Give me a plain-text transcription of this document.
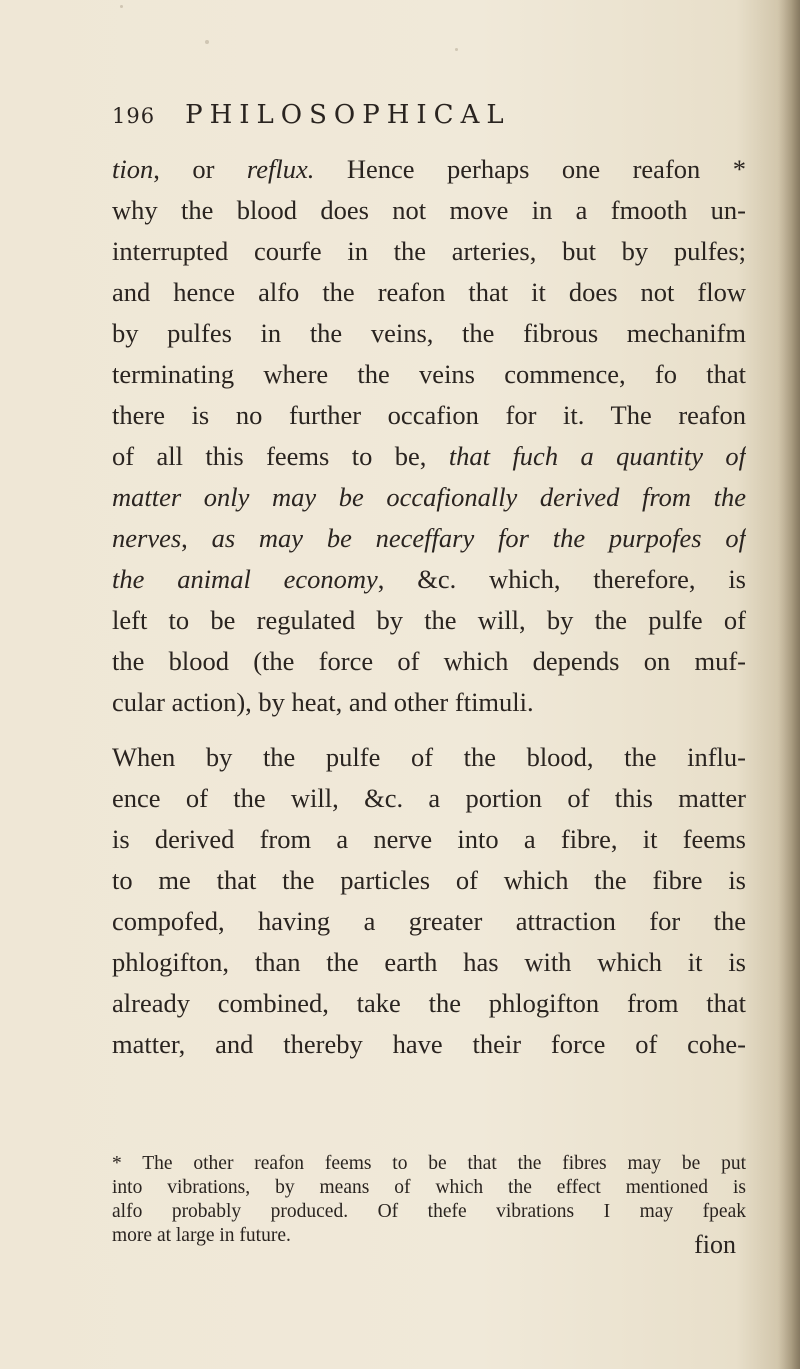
196 PHILOSOPHICAL
tion, or reflux. Hence perhaps one reafon *
why the blood does not move in a fmooth un-
interrupted courfe in the arteries, but by pulfes;
and hence alfo the reafon that it does not flow
by pulfes in the veins, the fibrous mechanifm
terminating where the veins commence, fo that
there is no further occafion for it. The reafon
of all this feems to be, that fuch a quantity of
matter only may be occafionally derived from the
nerves, as may be neceffary for the purpofes of
the animal economy, &c. which, therefore, is
left to be regulated by the will, by the pulfe of
the blood (the force of which depends on muf-
cular action), by heat, and other ftimuli.
When by the pulfe of the blood, the influ-
ence of the will, &c. a portion of this matter
is derived from a nerve into a fibre, it feems
to me that the particles of which the fibre is
compofed, having a greater attraction for the
phlogifton, than the earth has with which it is
already combined, take the phlogifton from that
matter, and thereby have their force of cohe-
* The other reafon feems to be that the fibres may be put
into vibrations, by means of which the effect mentioned is
alfo probably produced. Of thefe vibrations I may fpeak
more at large in future.	fion
